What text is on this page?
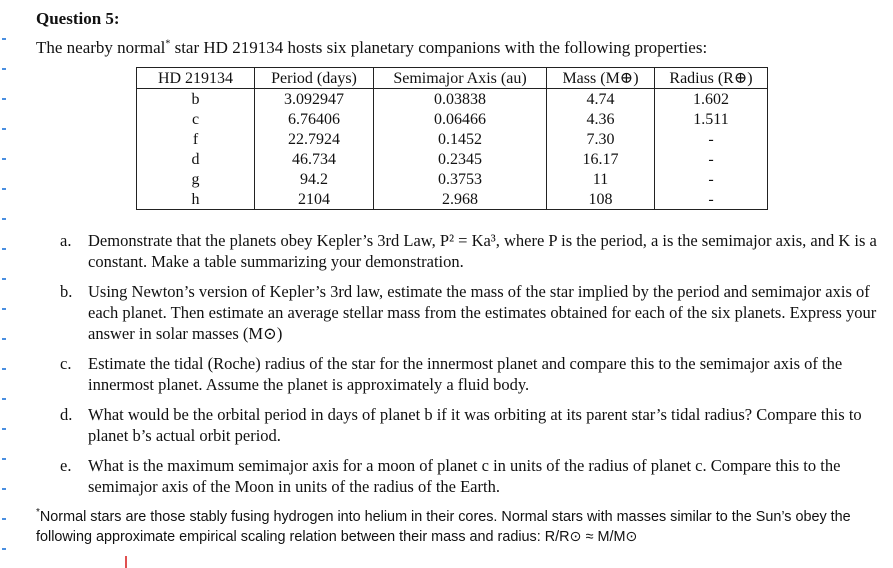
Question 5:
The nearby normal* star HD 219134 hosts six planetary companions with the following properties:
HD 219134	Period (days)	Semimajor Axis (au)	Mass (M⊕)	Radius (R⊕)
b	3.092947	0.03838	4.74	1.602
c	6.76406	0.06466	4.36	1.511
f	22.7924	0.1452	7.30	-
d	46.734	0.2345	16.17	-
g	94.2	0.3753	11	-
h	2104	2.968	108	-
a.	Demonstrate that the planets obey Kepler’s 3rd Law, P² = Ka³, where P is the period, a is the semimajor axis, and K is a constant. Make a table summarizing your demonstration.
b. Using Newton’s version of Kepler’s 3rd law, estimate the mass of the star implied by the period and semimajor axis of each planet. Then estimate an average stellar mass from the estimates obtained for each of the six planets. Express your answer in solar masses (M⊙)
c.	Estimate the tidal (Roche) radius of the star for the innermost planet and compare this to the semimajor axis of the innermost planet. Assume the planet is approximately a fluid body.
d. What would be the orbital period in days of planet b if it was orbiting at its parent star’s tidal radius? Compare this to planet b’s actual orbit period.
e.	What is the maximum semimajor axis for a moon of planet c in units of the radius of planet c. Compare this to the semimajor axis of the Moon in units of the radius of the Earth.
*Normal stars are those stably fusing hydrogen into helium in their cores. Normal stars with masses similar to the Sun’s obey the following approximate empirical scaling relation between their mass and radius: R/R⊙ ≈ M/M⊙
